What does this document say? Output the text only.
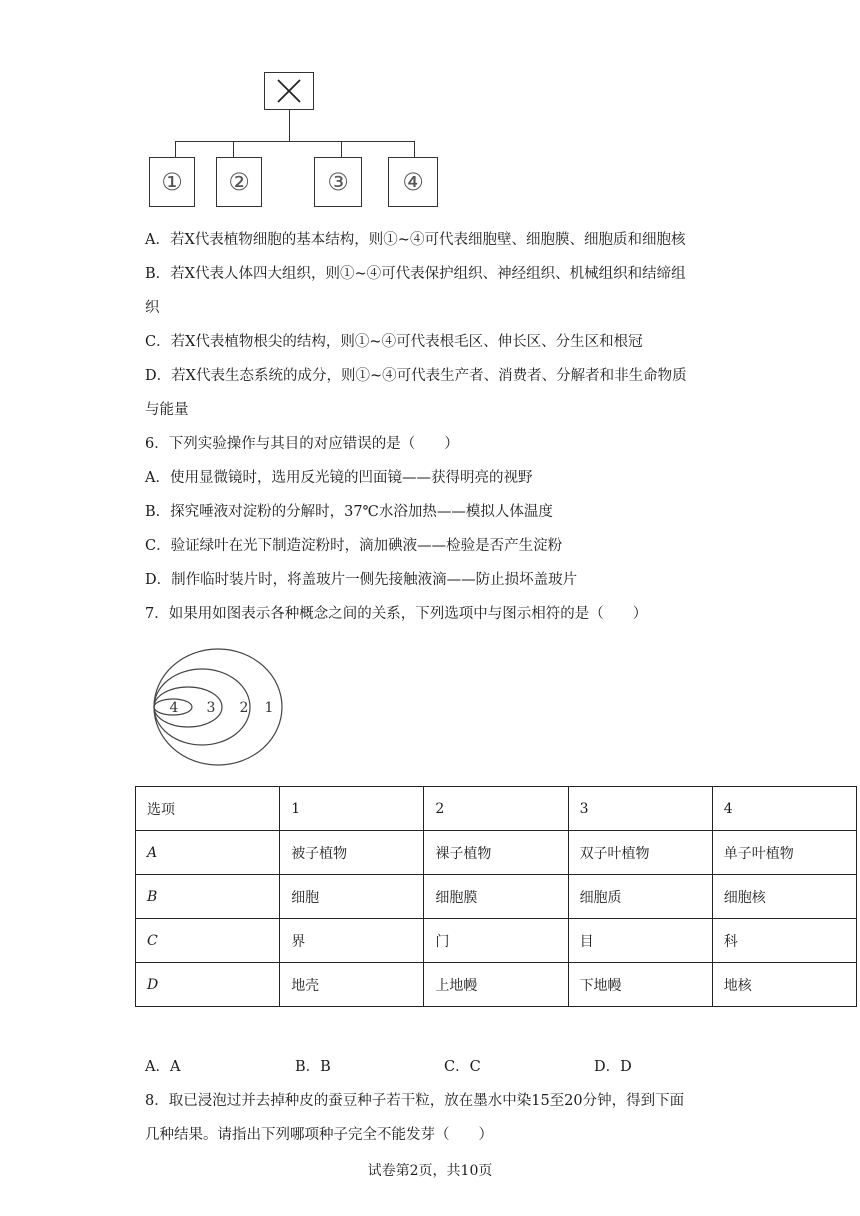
① ②	③ ④
A．若X代表植物细胞的基本结构，则①~④可代表细胞壁、细胞膜、细胞质和细胞核
B．若X代表人体四大组织，则①~④可代表保护组织、神经组织、机械组织和结缔组
织
C．若X代表植物根尖的结构，则①~④可代表根毛区、伸长区、分生区和根冠
D．若X代表生态系统的成分，则①~④可代表生产者、消费者、分解者和非生命物质
与能量
6．下列实验操作与其目的对应错误的是（　　）
A．使用显微镜时，选用反光镜的凹面镜——获得明亮的视野
B．探究唾液对淀粉的分解时，37℃水浴加热——模拟人体温度
C．验证绿叶在光下制造淀粉时，滴加碘液——检验是否产生淀粉
D．制作临时装片时，将盖玻片一侧先接触液滴——防止损坏盖玻片
7．如果用如图表示各种概念之间的关系，下列选项中与图示相符的是（　　）
4 3 2 1
选项	1	2	3	4
A	被子植物	裸子植物	双子叶植物	单子叶植物
B	细胞	细胞膜	细胞质	细胞核
C	界	门	目	科
D	地壳	上地幔	下地幔	地核
A．A	B．B	C．C	D．D
8．取已浸泡过并去掉种皮的蚕豆种子若干粒，放在墨水中染15至20分钟，得到下面
几种结果。请指出下列哪项种子完全不能发芽（　　）
试卷第2页，共10页
